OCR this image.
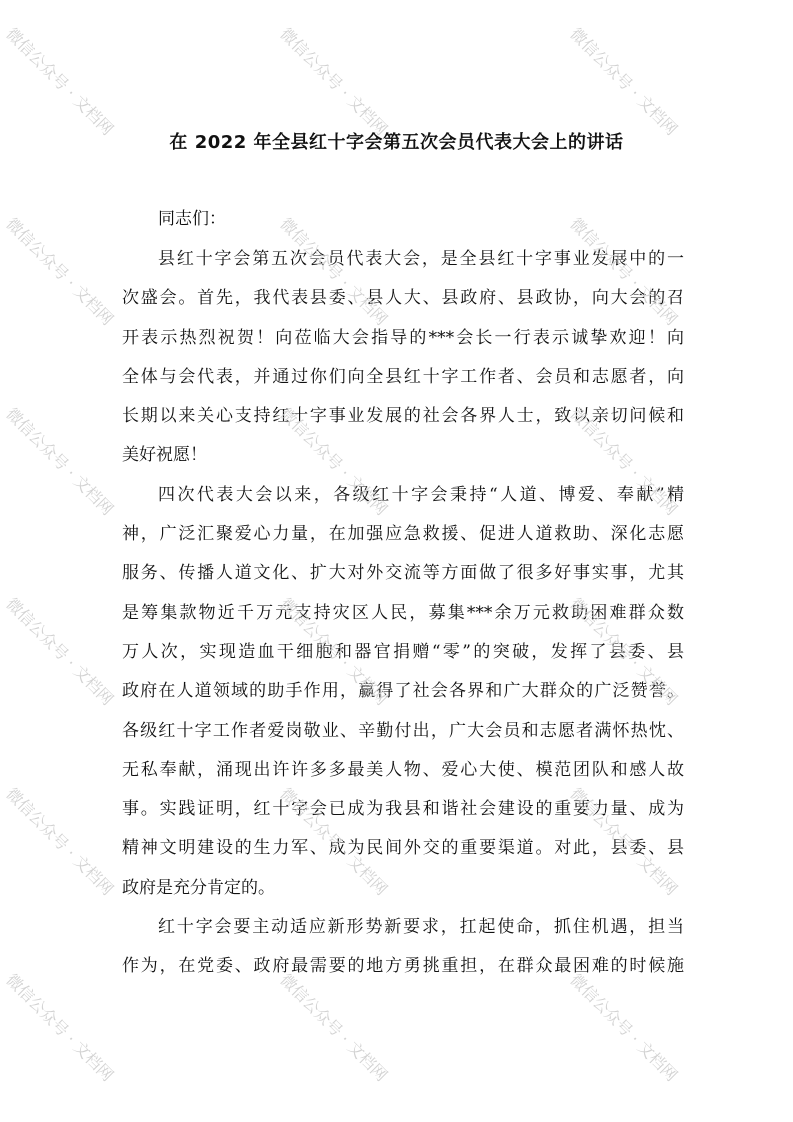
在 2022 年全县红十字会第五次会员代表大会上的讲话
同志们：
县红十字会第五次会员代表大会，是全县红十字事业发展中的一
次盛会。首先，我代表县委、县人大、县政府、县政协，向大会的召
开表示热烈祝贺！向莅临大会指导的***会长一行表示诚挚欢迎！向
全体与会代表，并通过你们向全县红十字工作者、会员和志愿者，向
长期以来关心支持红十字事业发展的社会各界人士，致以亲切问候和
美好祝愿！
四次代表大会以来，各级红十字会秉持“人道、博爱、奉献”精
神，广泛汇聚爱心力量，在加强应急救援、促进人道救助、深化志愿
服务、传播人道文化、扩大对外交流等方面做了很多好事实事，尤其
是筹集款物近千万元支持灾区人民，募集***余万元救助困难群众数
万人次，实现造血干细胞和器官捐赠“零”的突破，发挥了县委、县
政府在人道领域的助手作用，赢得了社会各界和广大群众的广泛赞誉。
各级红十字工作者爱岗敬业、辛勤付出，广大会员和志愿者满怀热忱、
无私奉献，涌现出许许多多最美人物、爱心大使、模范团队和感人故
事。实践证明，红十字会已成为我县和谐社会建设的重要力量、成为
精神文明建设的生力军、成为民间外交的重要渠道。对此，县委、县
政府是充分肯定的。
红十字会要主动适应新形势新要求，扛起使命，抓住机遇，担当
作为，在党委、政府最需要的地方勇挑重担，在群众最困难的时候施
微信公众号 · 文档网	微信公众号 · 文档网	微信公众号 · 文档网
微信公众号 · 文档网	微信公众号 · 文档网	微信公众号 · 文档网
微信公众号 · 文档网	微信公众号 · 文档网	微信公众号 · 文档网
微信公众号 · 文档网	微信公众号 · 文档网	微信公众号 · 文档网
微信公众号 · 文档网	微信公众号 · 文档网	微信公众号 · 文档网
微信公众号 · 文档网	微信公众号 · 文档网	微信公众号 · 文档网
